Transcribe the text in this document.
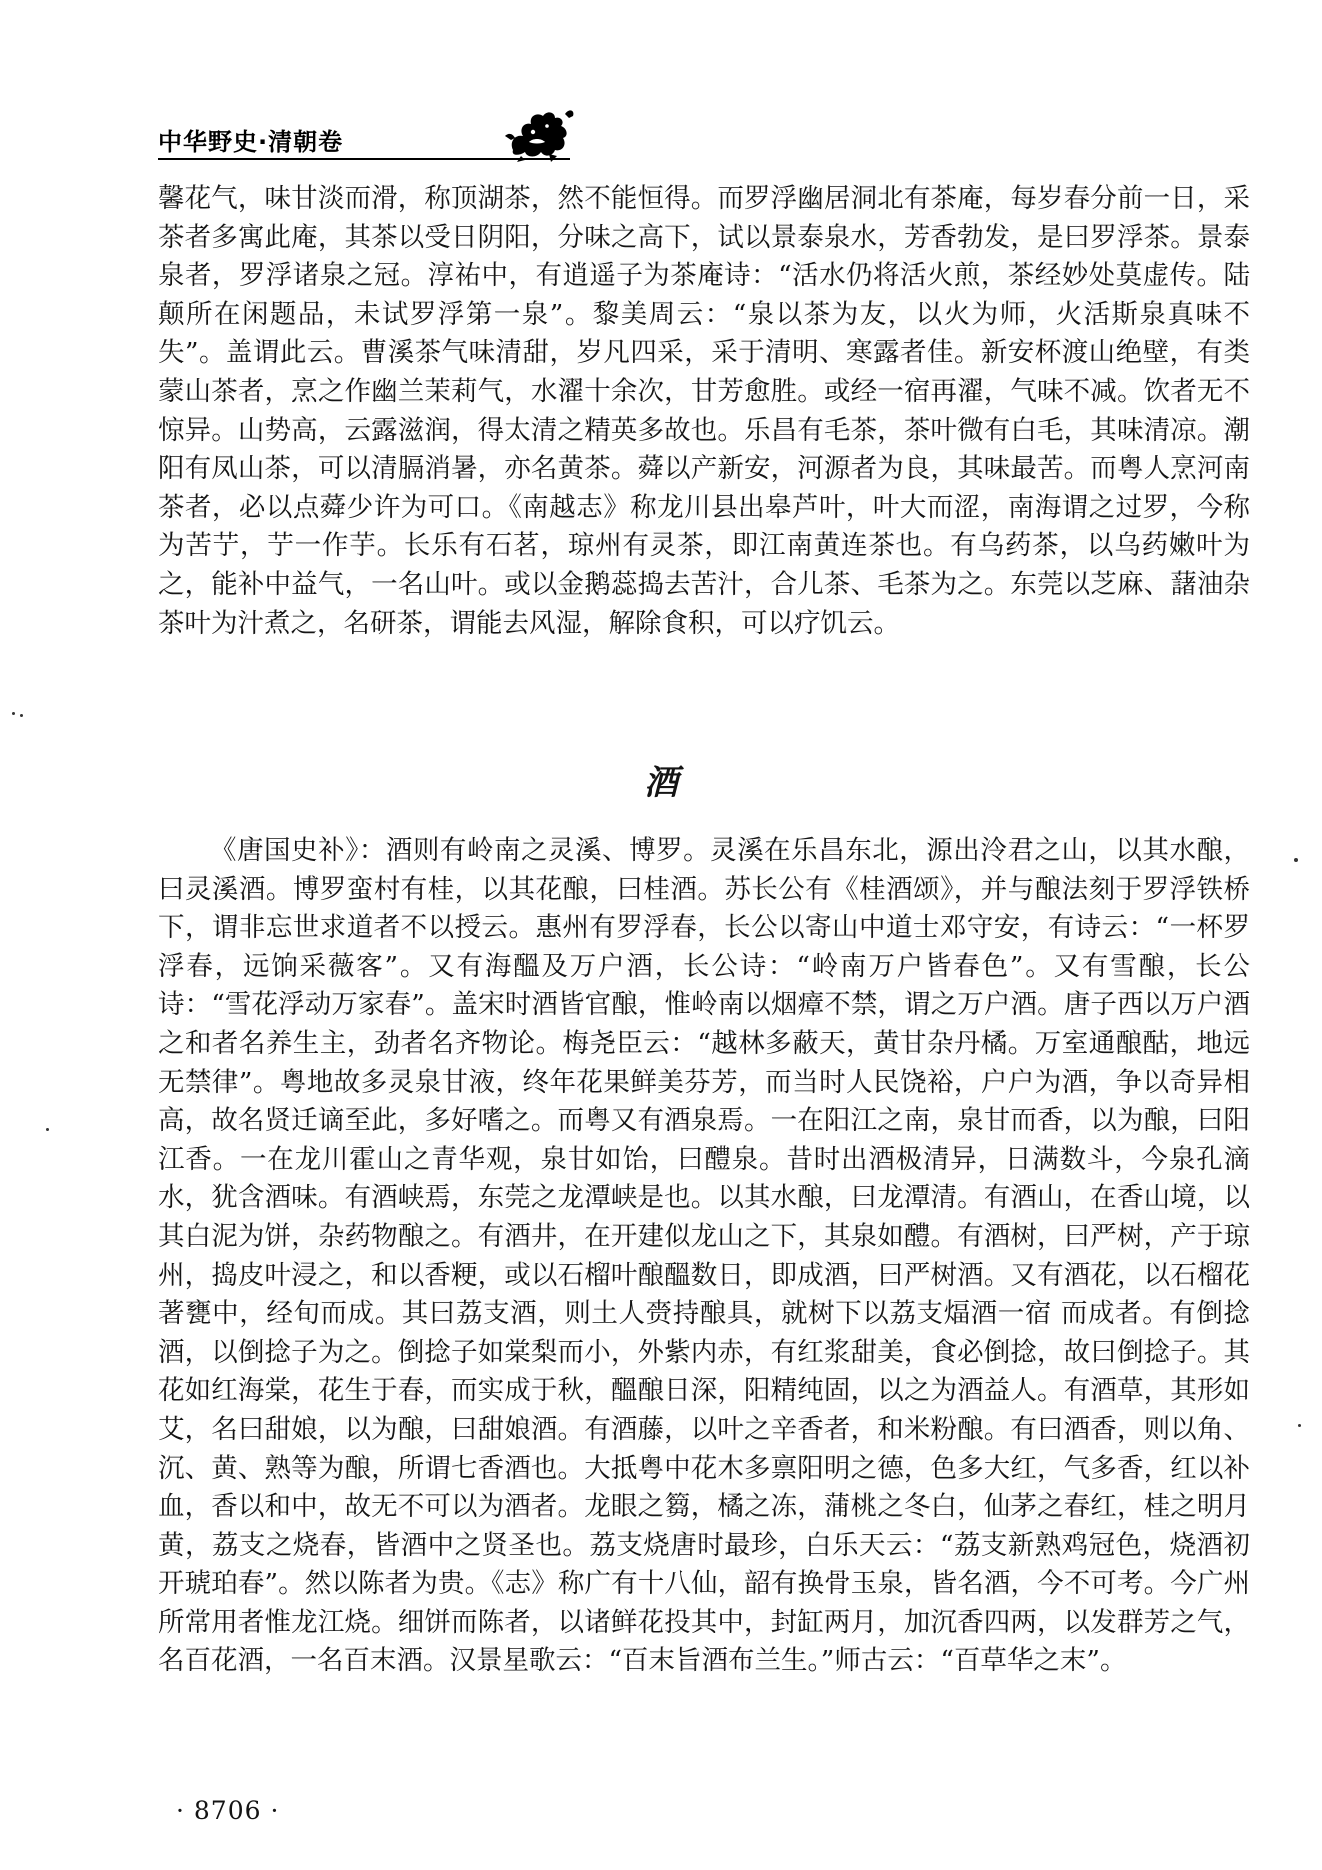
中华野史·清朝卷

馨花气，味甘淡而滑，称顶湖茶，然不能恒得。而罗浮幽居洞北有茶庵，每岁春分前一日，采茶者多寓此庵，其茶以受日阴阳，分味之高下，试以景泰泉水，芳香勃发，是曰罗浮茶。景泰泉者，罗浮诸泉之冠。淳祐中，有逍遥子为茶庵诗：“活水仍将活火煎，茶经妙处莫虚传。陆颠所在闲题品，未试罗浮第一泉”。黎美周云：“泉以茶为友，以火为师，火活斯泉真味不失”。盖谓此云。曹溪茶气味清甜，岁凡四采，采于清明、寒露者佳。新安杯渡山绝壁，有类蒙山茶者，烹之作幽兰茉莉气，水濯十余次，甘芳愈胜。或经一宿再濯，气味不减。饮者无不惊异。山势高，云露滋润，得太清之精英多故也。乐昌有毛茶，茶叶微有白毛，其味清凉。潮阳有凤山茶，可以清膈消暑，亦名黄茶。蕣以产新安，河源者为良，其味最苦。而粤人烹河南茶者，必以点蕣少许为可口。《南越志》称龙川县出皋芦叶，叶大而涩，南海谓之过罗，今称为苦艼，艼一作芋。长乐有石茗，琼州有灵茶，即江南黄连茶也。有乌药茶，以乌药嫩叶为之，能补中益气，一名山叶。或以金鹅蕊捣去苦汁，合儿茶、毛茶为之。东莞以芝麻、藷油杂茶叶为汁煮之，名研茶，谓能去风湿，解除食积，可以疗饥云。

酒

《唐国史补》：酒则有岭南之灵溪、博罗。灵溪在乐昌东北，源出泠君之山，以其水酿，曰灵溪酒。博罗蛮村有桂，以其花酿，曰桂酒。苏长公有《桂酒颂》，并与酿法刻于罗浮铁桥下，谓非忘世求道者不以授云。惠州有罗浮春，长公以寄山中道士邓守安，有诗云：“一杯罗浮春，远饷采薇客”。又有海醞及万户酒，长公诗：“岭南万户皆春色”。又有雪酿，长公诗：“雪花浮动万家春”。盖宋时酒皆官酿，惟岭南以烟瘴不禁，谓之万户酒。唐子西以万户酒之和者名养生主，劲者名齐物论。梅尧臣云：“越林多蔽天，黄甘杂丹橘。万室通酿酤，地远无禁律”。粤地故多灵泉甘液，终年花果鲜美芬芳，而当时人民饶裕，户户为酒，争以奇异相高，故名贤迁谪至此，多好嗜之。而粤又有酒泉焉。一在阳江之南，泉甘而香，以为酿，曰阳江香。一在龙川霍山之青华观，泉甘如饴，曰醴泉。昔时出酒极清异，日满数斗，今泉孔滴水，犹含酒味。有酒峡焉，东莞之龙潭峡是也。以其水酿，曰龙潭清。有酒山，在香山境，以其白泥为饼，杂药物酿之。有酒井，在开建似龙山之下，其泉如醴。有酒树，曰严树，产于琼州，捣皮叶浸之，和以香粳，或以石榴叶酿醞数日，即成酒，曰严树酒。又有酒花，以石榴花著甕中，经旬而成。其曰荔支酒，则土人赍持酿具，就树下以荔支煏酒一宿 而成者。有倒捻酒，以倒捻子为之。倒捻子如棠梨而小，外紫内赤，有红浆甜美，食必倒捻，故曰倒捻子。其花如红海棠，花生于春，而实成于秋，醞酿日深，阳精纯固，以之为酒益人。有酒草，其形如艾，名曰甜娘，以为酿，曰甜娘酒。有酒藤，以叶之辛香者，和米粉酿。有曰酒香，则以角、沉、黄、熟等为酿，所谓七香酒也。大抵粤中花木多禀阳明之德，色多大红，气多香，红以补血，香以和中，故无不可以为酒者。龙眼之篘，橘之冻，蒲桃之冬白，仙茅之春红，桂之明月黄，荔支之烧春，皆酒中之贤圣也。荔支烧唐时最珍，白乐天云：“荔支新熟鸡冠色，烧酒初开琥珀春”。然以陈者为贵。《志》称广有十八仙，韶有换骨玉泉，皆名酒，今不可考。今广州所常用者惟龙江烧。细饼而陈者，以诸鲜花投其中，封缸两月，加沉香四两，以发群芳之气，名百花酒，一名百末酒。汉景星歌云：“百末旨酒布兰生。”师古云：“百草华之末”。

· 8706 ·
